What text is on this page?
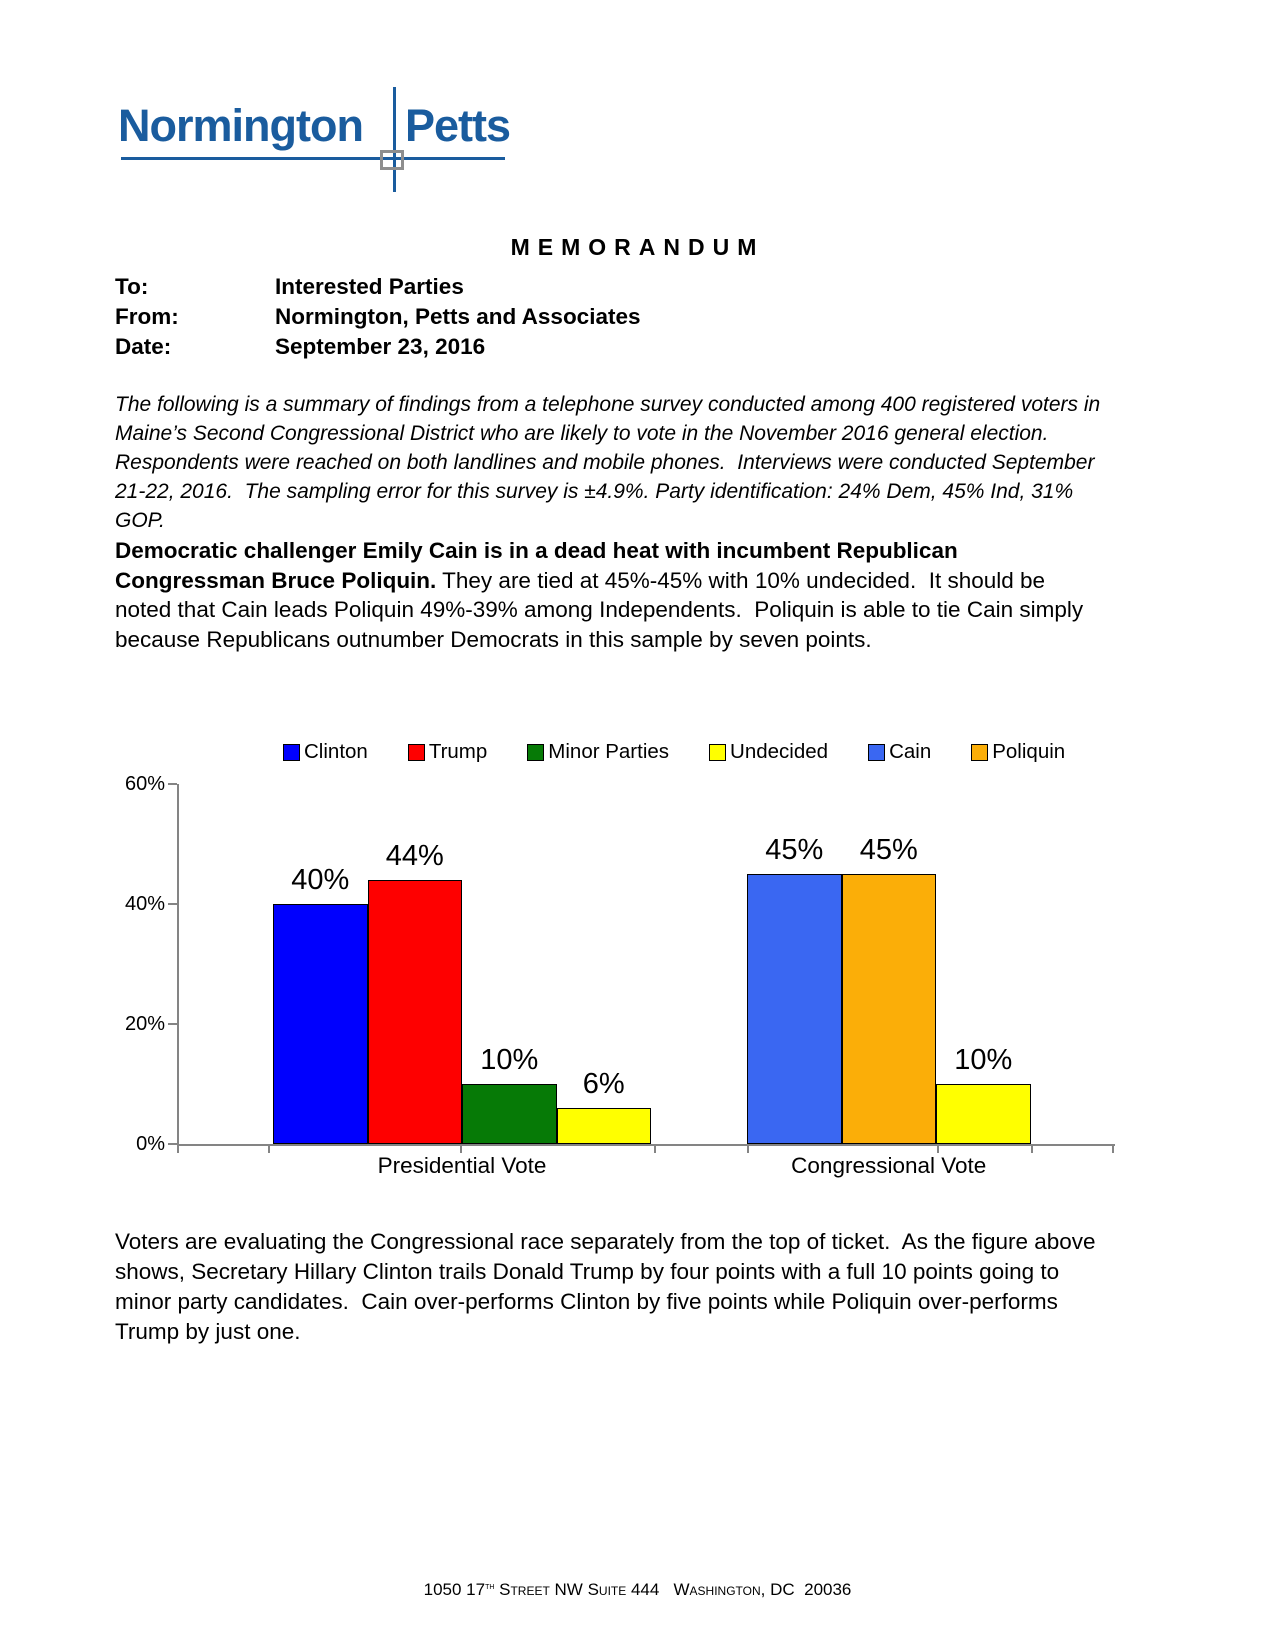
Normington Petts
MEMORANDUM
To:	Interested Parties
From:	Normington, Petts and Associates
Date:	September 23, 2016
The following is a summary of findings from a telephone survey conducted among 400 registered voters in Maine’s Second Congressional District who are likely to vote in the November 2016 general election.  Respondents were reached on both landlines and mobile phones.  Interviews were conducted September 21-22, 2016.  The sampling error for this survey is ±4.9%. Party identification: 24% Dem, 45% Ind, 31% GOP.
Democratic challenger Emily Cain is in a dead heat with incumbent Republican Congressman Bruce Poliquin. They are tied at 45%-45% with 10% undecided.  It should be noted that Cain leads Poliquin 49%-39% among Independents.  Poliquin is able to tie Cain simply because Republicans outnumber Democrats in this sample by seven points.
Clinton	Trump	Minor Parties	Undecided	Cain	Poliquin
60%
40%
20%
0%
40%
44%
10%
6%
Presidential Vote
45%	45%
10%
Congressional Vote
Voters are evaluating the Congressional race separately from the top of ticket.  As the figure above shows, Secretary Hillary Clinton trails Donald Trump by four points with a full 10 points going to minor party candidates.  Cain over-performs Clinton by five points while Poliquin over-performs Trump by just one.
1050 17th Street NW Suite 444   Washington, DC  20036
